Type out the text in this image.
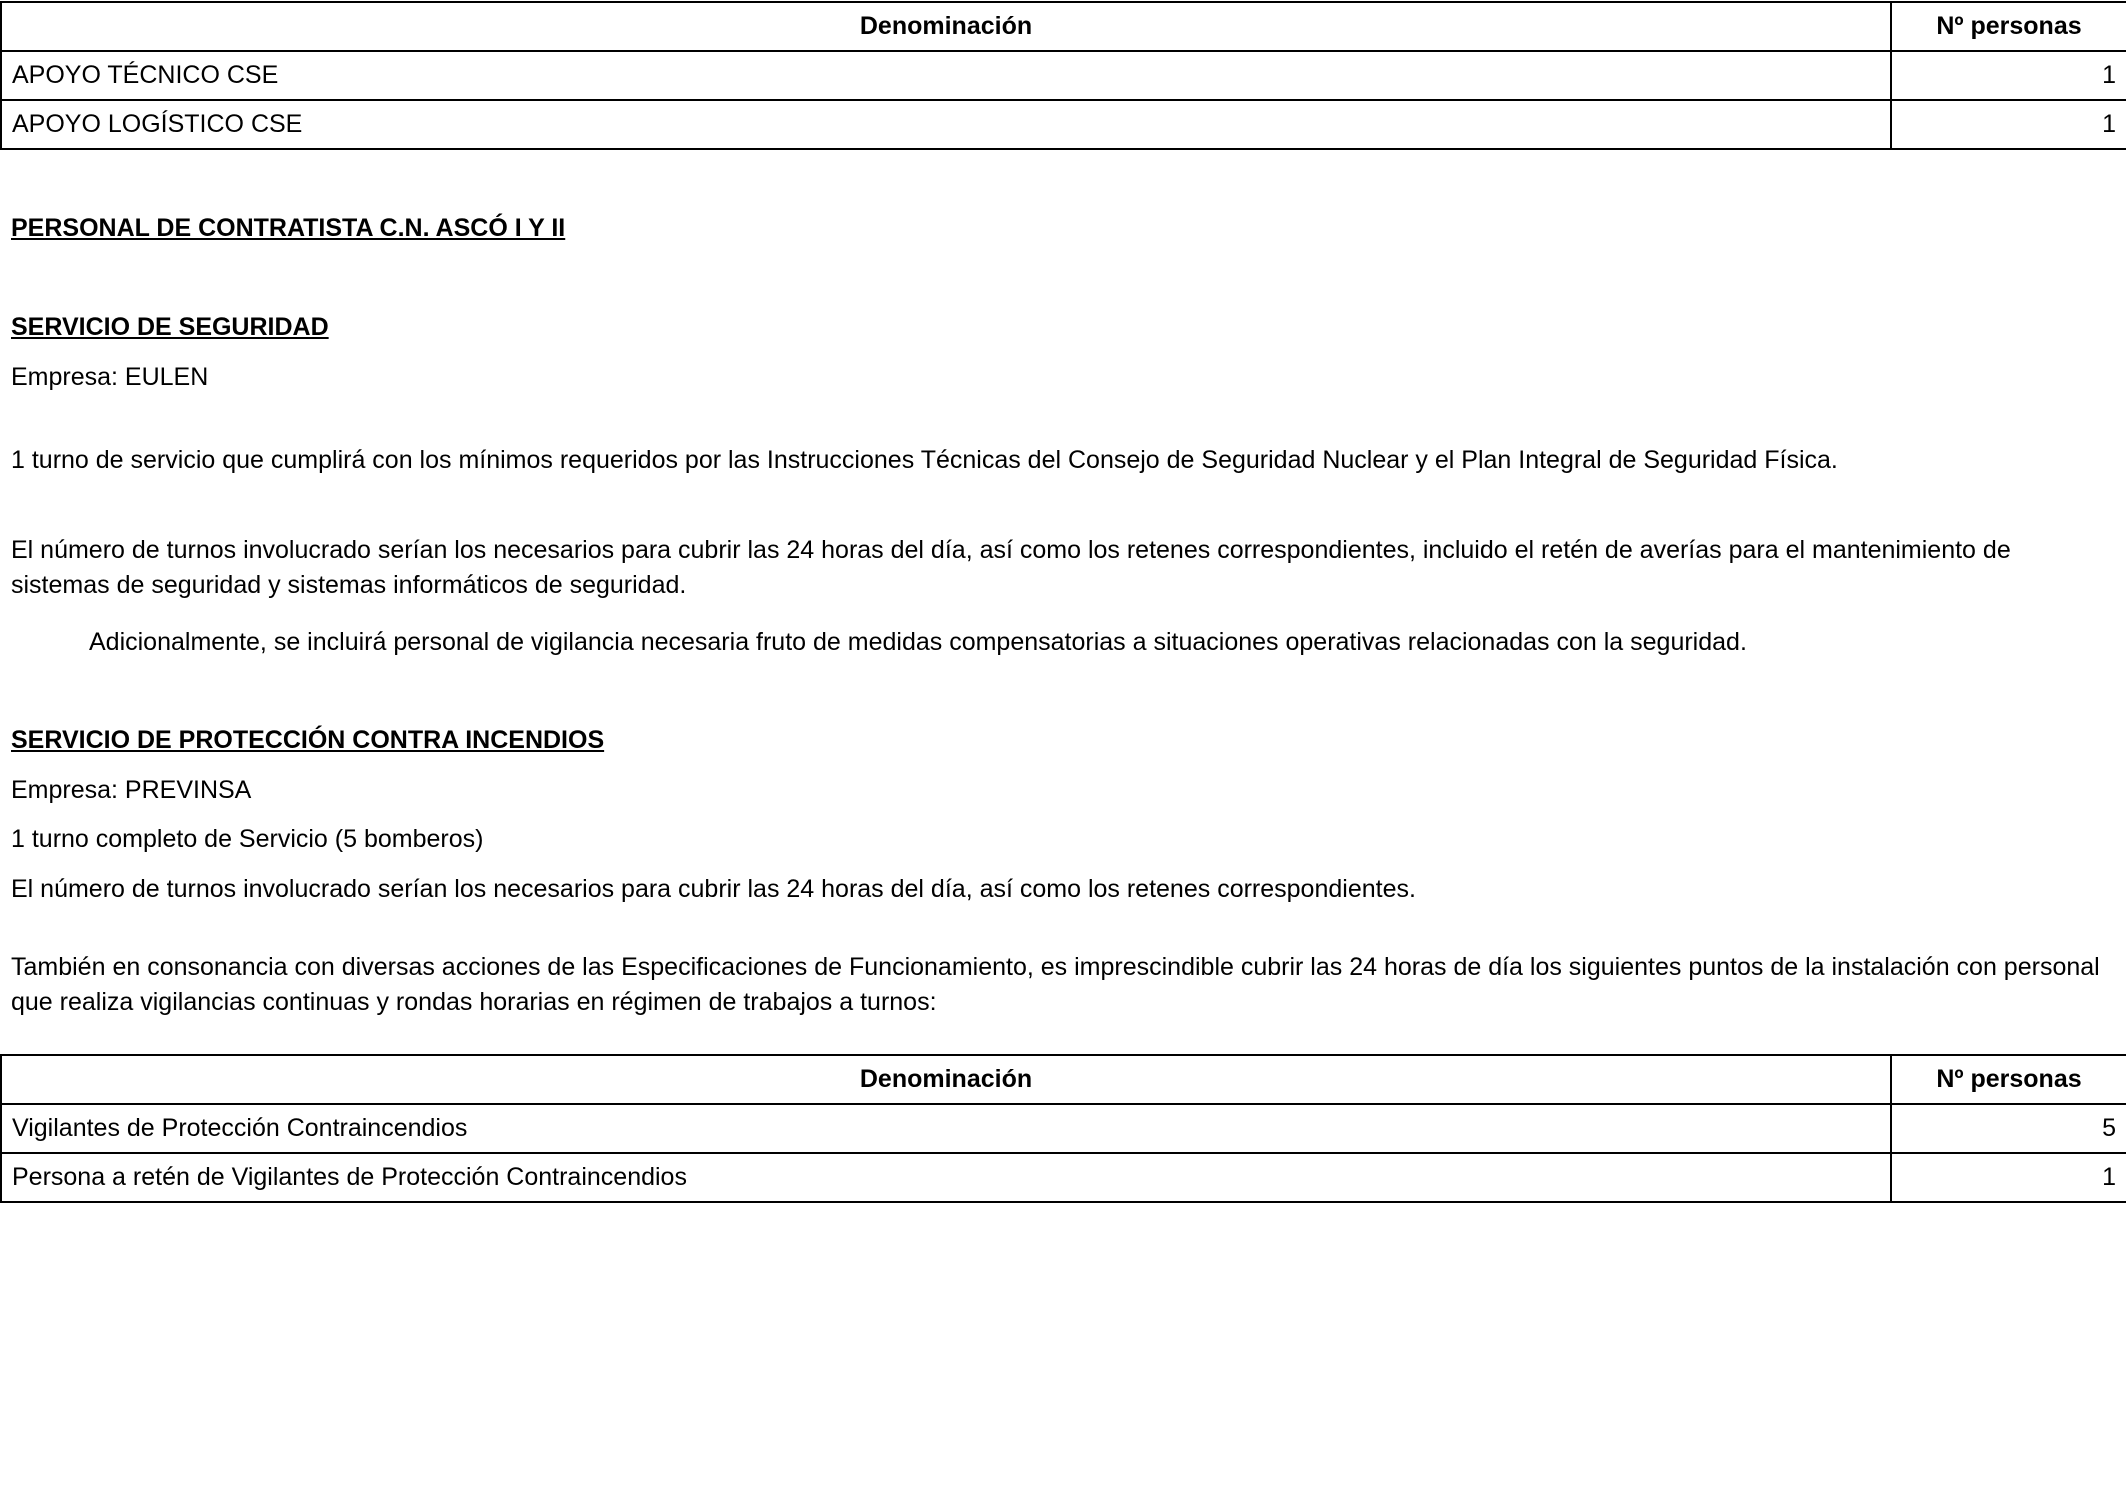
Denominación	Nº personas
APOYO TÉCNICO CSE	1
APOYO LOGÍSTICO CSE	1
PERSONAL DE CONTRATISTA C.N. ASCÓ I Y II
SERVICIO DE SEGURIDAD
Empresa: EULEN
1 turno de servicio que cumplirá con los mínimos requeridos por las Instrucciones Técnicas del Consejo de Seguridad Nuclear y el Plan Integral de Seguridad Física.
El número de turnos involucrado serían los necesarios para cubrir las 24 horas del día, así como los retenes correspondientes, incluido el retén de averías para el mantenimiento de sistemas de seguridad y sistemas informáticos de seguridad.
Adicionalmente, se incluirá personal de vigilancia necesaria fruto de medidas compensatorias a situaciones operativas relacionadas con la seguridad.
SERVICIO DE PROTECCIÓN CONTRA INCENDIOS
Empresa: PREVINSA
1 turno completo de Servicio (5 bomberos)
El número de turnos involucrado serían los necesarios para cubrir las 24 horas del día, así como los retenes correspondientes.
También en consonancia con diversas acciones de las Especificaciones de Funcionamiento, es imprescindible cubrir las 24 horas de día los siguientes puntos de la instalación con personal que realiza vigilancias continuas y rondas horarias en régimen de trabajos a turnos:
Denominación	Nº personas
Vigilantes de Protección Contraincendios	5
Persona a retén de Vigilantes de Protección Contraincendios	1
